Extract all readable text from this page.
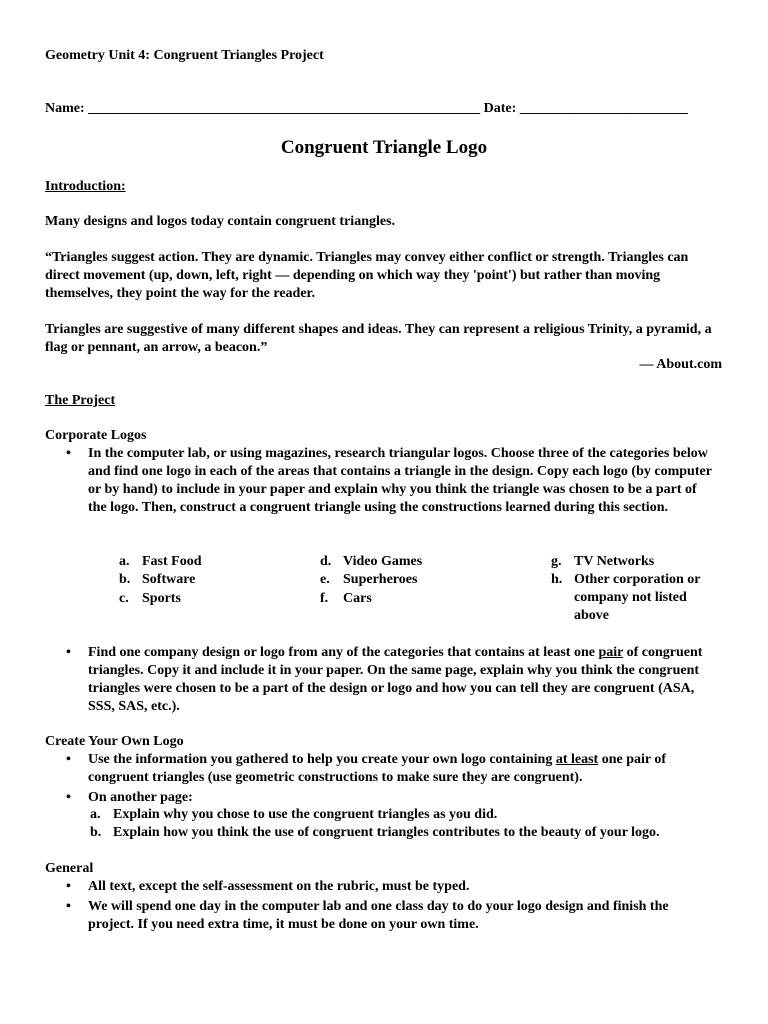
Geometry Unit 4: Congruent Triangles Project
Name: ________________________________________________________ Date: ________________________
Congruent Triangle Logo
Introduction:
Many designs and logos today contain congruent triangles.
“Triangles suggest action. They are dynamic. Triangles may convey either conflict or strength. Triangles can direct movement (up, down, left, right — depending on which way they 'point') but rather than moving themselves, they point the way for the reader.
Triangles are suggestive of many different shapes and ideas. They can represent a religious Trinity, a pyramid, a flag or pennant, an arrow, a beacon.”
— About.com
The Project
Corporate Logos
• In the computer lab, or using magazines, research triangular logos. Choose three of the categories below and find one logo in each of the areas that contains a triangle in the design. Copy each logo (by computer or by hand) to include in your paper and explain why you think the triangle was chosen to be a part of the logo. Then, construct a congruent triangle using the constructions learned during this section.
a. Fast Food
b. Software
c. Sports
d. Video Games
e. Superheroes
f. Cars
g. TV Networks
h. Other corporation or company not listed above
• Find one company design or logo from any of the categories that contains at least one pair of congruent triangles. Copy it and include it in your paper. On the same page, explain why you think the congruent triangles were chosen to be a part of the design or logo and how you can tell they are congruent (ASA, SSS, SAS, etc.).
Create Your Own Logo
• Use the information you gathered to help you create your own logo containing at least one pair of congruent triangles (use geometric constructions to make sure they are congruent).
• On another page:
a. Explain why you chose to use the congruent triangles as you did.
b. Explain how you think the use of congruent triangles contributes to the beauty of your logo.
General
• All text, except the self-assessment on the rubric, must be typed.
• We will spend one day in the computer lab and one class day to do your logo design and finish the project. If you need extra time, it must be done on your own time.
